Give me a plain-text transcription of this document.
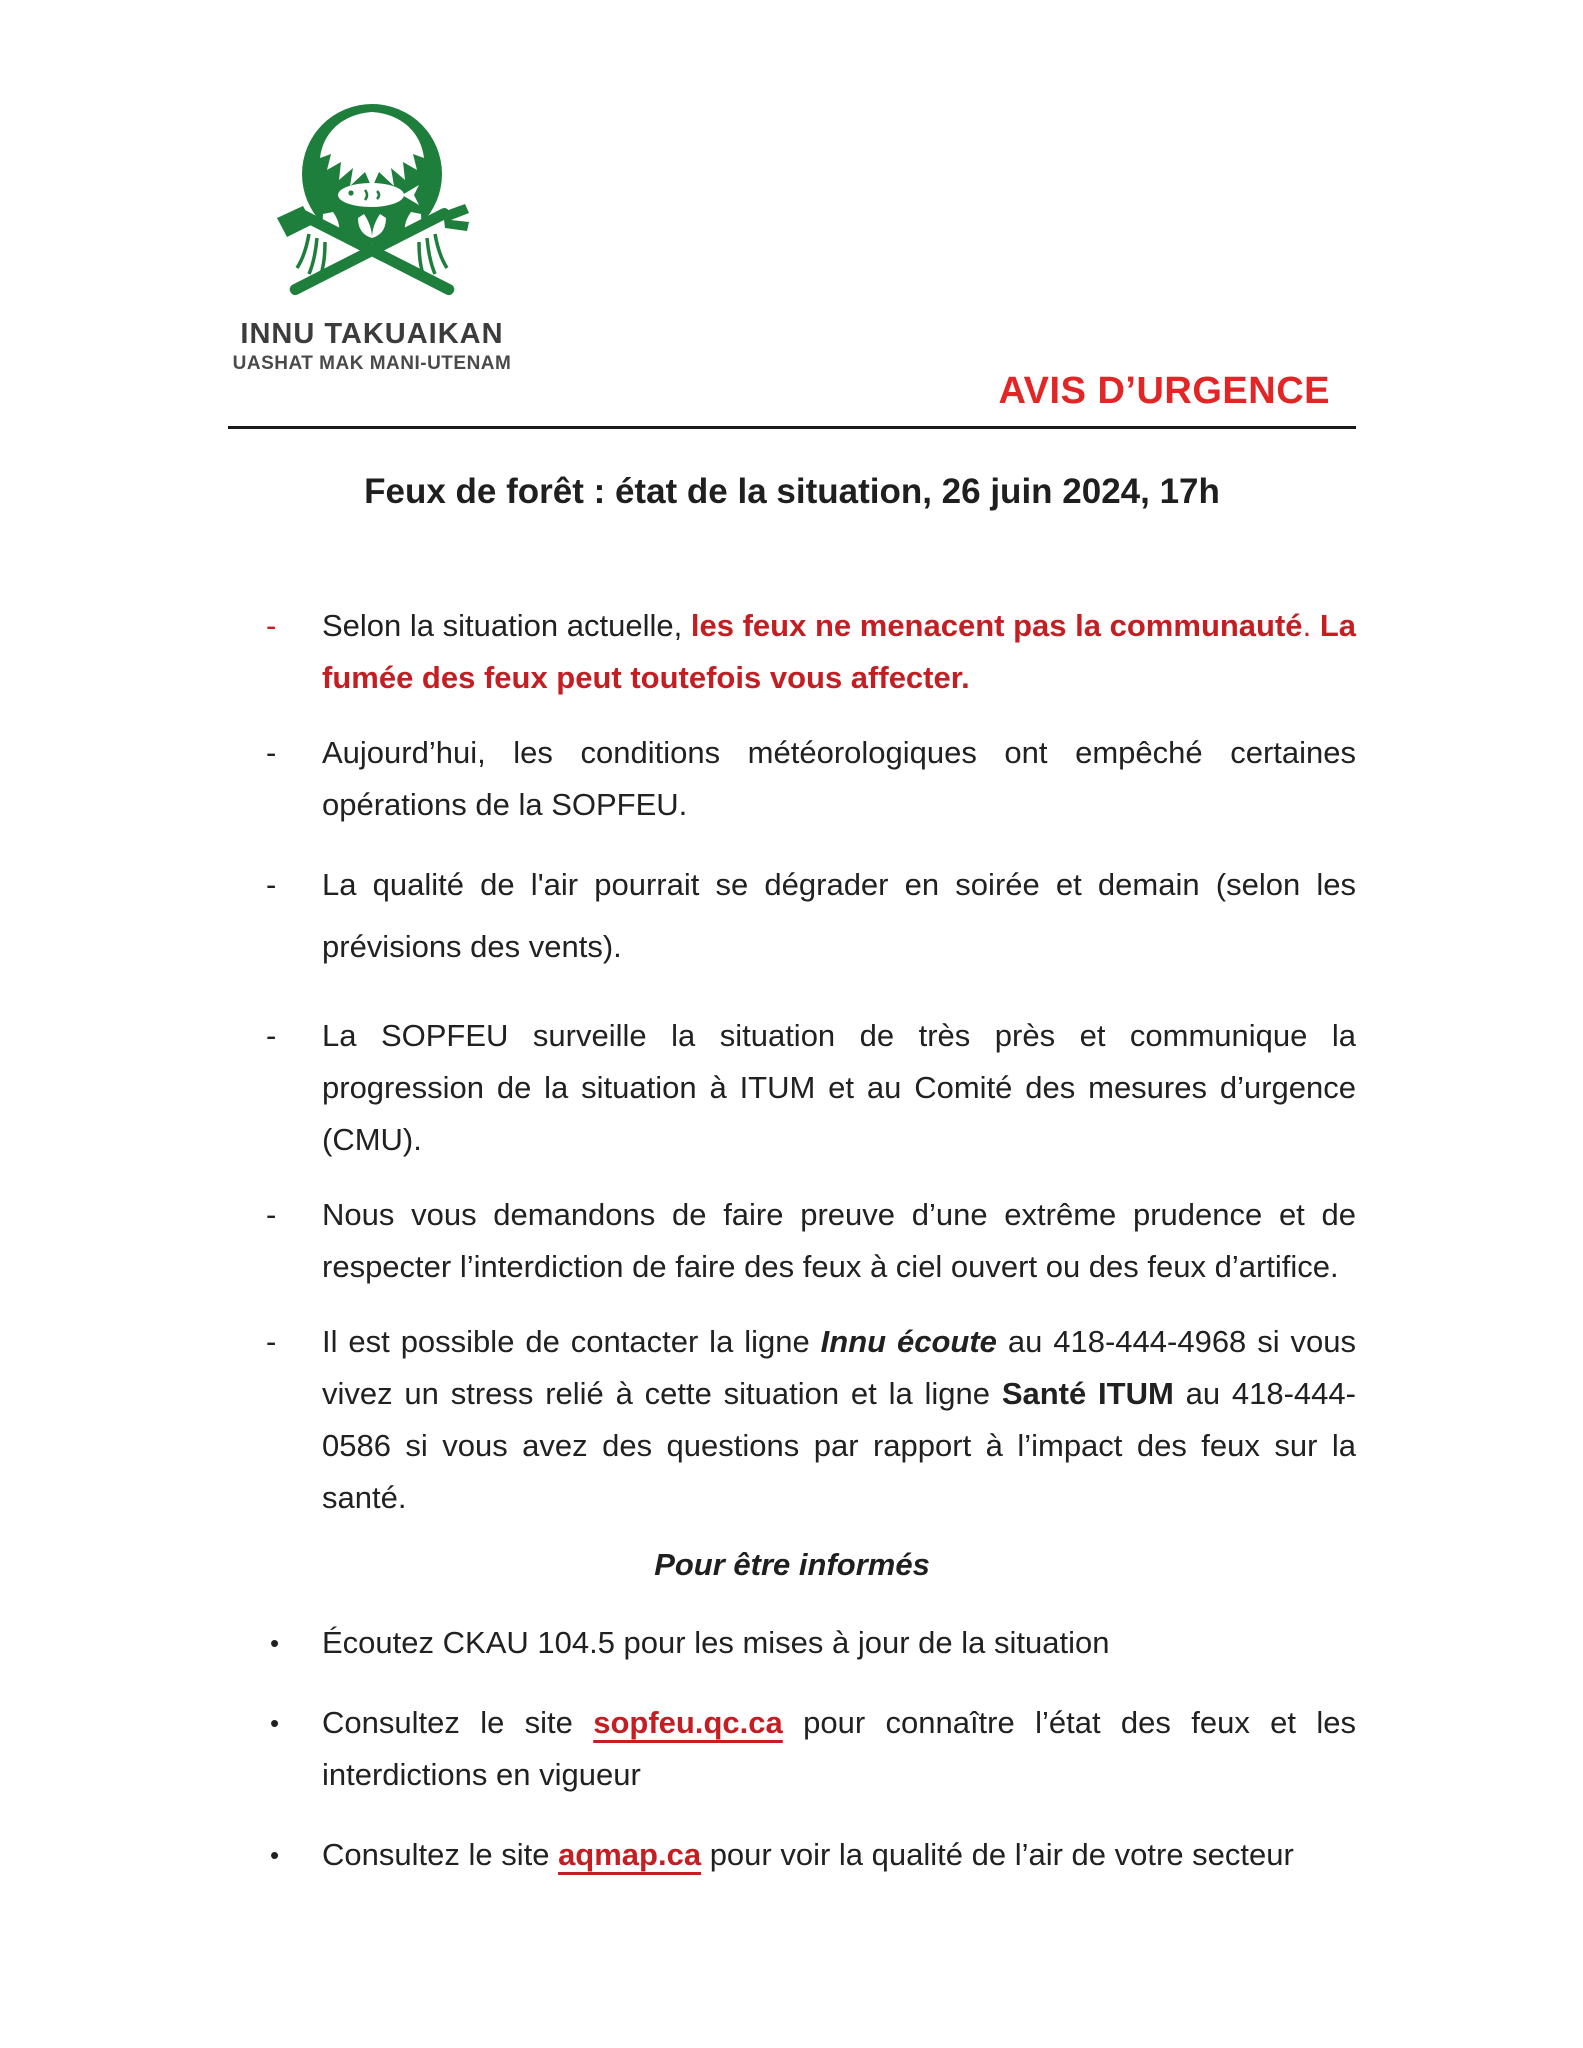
INNU TAKUAIKAN
UASHAT MAK MANI-UTENAM
AVIS D’URGENCE
Feux de forêt : état de la situation, 26 juin 2024, 17h
- Selon la situation actuelle, les feux ne menacent pas la communauté. La fumée des feux peut toutefois vous affecter.
- Aujourd’hui, les conditions météorologiques ont empêché certaines opérations de la SOPFEU.
- La qualité de l'air pourrait se dégrader en soirée et demain (selon les prévisions des vents).
- La SOPFEU surveille la situation de très près et communique la progression de la situation à ITUM et au Comité des mesures d’urgence (CMU).
- Nous vous demandons de faire preuve d’une extrême prudence et de respecter l’interdiction de faire des feux à ciel ouvert ou des feux d’artifice.
- Il est possible de contacter la ligne Innu écoute au 418-444-4968 si vous vivez un stress relié à cette situation et la ligne Santé ITUM au 418-444-0586 si vous avez des questions par rapport à l’impact des feux sur la santé.
Pour être informés
• Écoutez CKAU 104.5 pour les mises à jour de la situation
• Consultez le site sopfeu.qc.ca pour connaître l’état des feux et les interdictions en vigueur
• Consultez le site aqmap.ca pour voir la qualité de l’air de votre secteur
